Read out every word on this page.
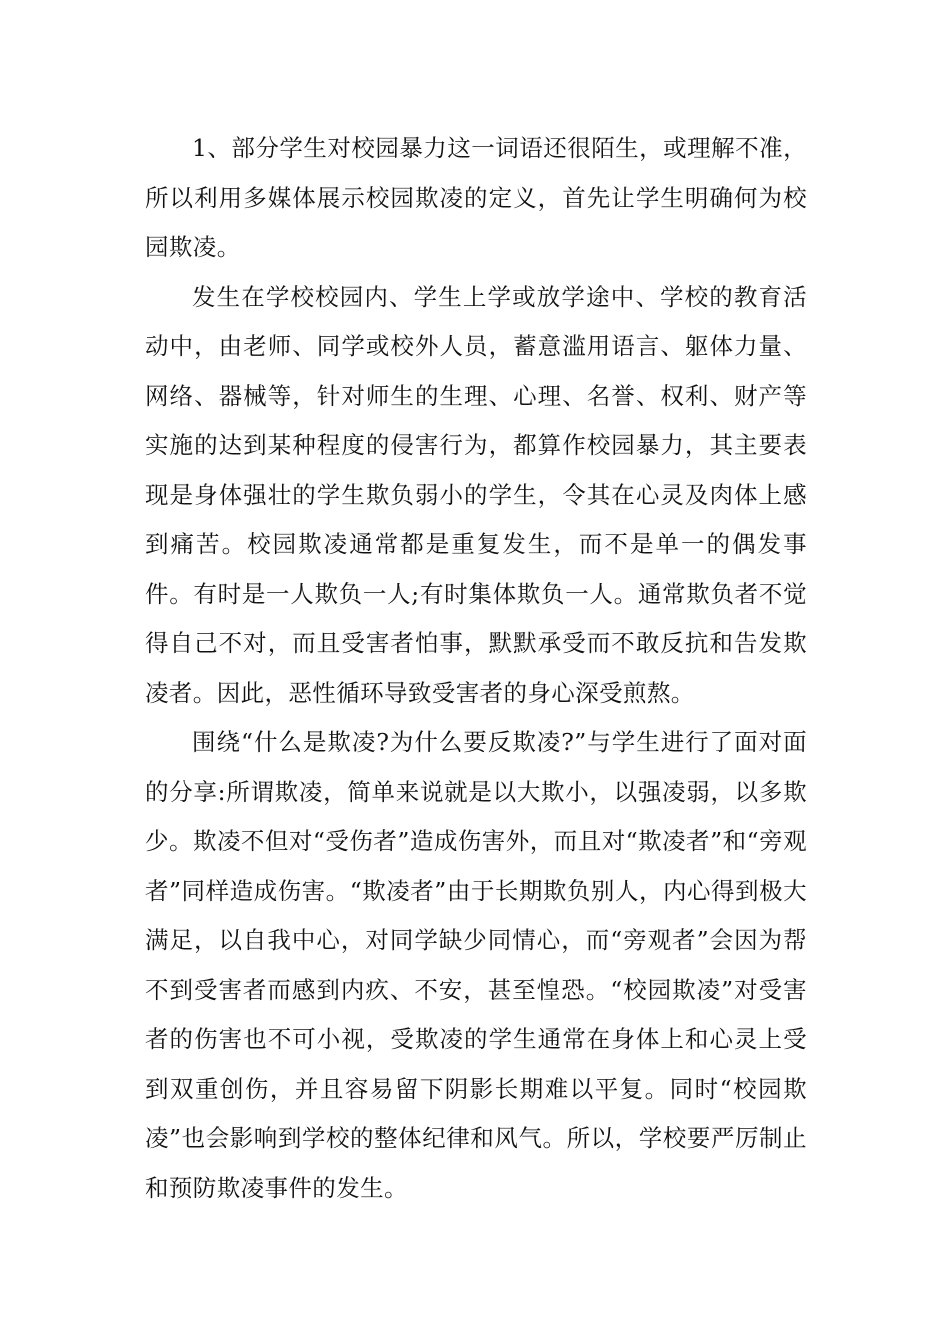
1、部分学生对校园暴力这一词语还很陌生，或理解不准，所以利用多媒体展示校园欺凌的定义，首先让学生明确何为校园欺凌。

发生在学校校园内、学生上学或放学途中、学校的教育活动中，由老师、同学或校外人员，蓄意滥用语言、躯体力量、网络、器械等，针对师生的生理、心理、名誉、权利、财产等实施的达到某种程度的侵害行为，都算作校园暴力，其主要表现是身体强壮的学生欺负弱小的学生，令其在心灵及肉体上感到痛苦。校园欺凌通常都是重复发生，而不是单一的偶发事件。有时是一人欺负一人;有时集体欺负一人。通常欺负者不觉得自己不对，而且受害者怕事，默默承受而不敢反抗和告发欺凌者。因此，恶性循环导致受害者的身心深受煎熬。

围绕“什么是欺凌?为什么要反欺凌?”与学生进行了面对面的分享:所谓欺凌，简单来说就是以大欺小，以强凌弱，以多欺少。欺凌不但对“受伤者”造成伤害外，而且对“欺凌者”和“旁观者”同样造成伤害。“欺凌者”由于长期欺负别人，内心得到极大满足，以自我中心，对同学缺少同情心，而“旁观者”会因为帮不到受害者而感到内疚、不安，甚至惶恐。“校园欺凌”对受害者的伤害也不可小视，受欺凌的学生通常在身体上和心灵上受到双重创伤，并且容易留下阴影长期难以平复。同时“校园欺凌”也会影响到学校的整体纪律和风气。所以，学校要严厉制止和预防欺凌事件的发生。
